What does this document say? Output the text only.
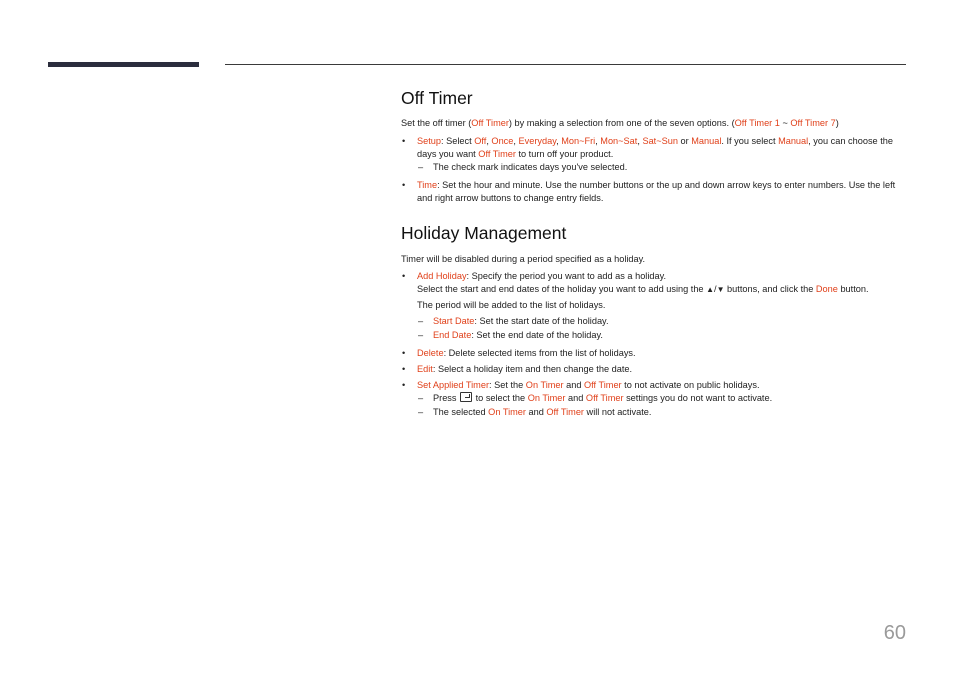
Off Timer

Set the off timer (Off Timer) by making a selection from one of the seven options. (Off Timer 1 ~ Off Timer 7)

• Setup: Select Off, Once, Everyday, Mon~Fri, Mon~Sat, Sat~Sun or Manual. If you select Manual, you can choose the days you want Off Timer to turn off your product.
– The check mark indicates days you've selected.
• Time: Set the hour and minute. Use the number buttons or the up and down arrow keys to enter numbers. Use the left and right arrow buttons to change entry fields.
Holiday Management

Timer will be disabled during a period specified as a holiday.

• Add Holiday: Specify the period you want to add as a holiday.
Select the start and end dates of the holiday you want to add using the ▲/▼ buttons, and click the Done button.

The period will be added to the list of holidays.

– Start Date: Set the start date of the holiday.
– End Date: Set the end date of the holiday.
• Delete: Delete selected items from the list of holidays.
• Edit: Select a holiday item and then change the date.
• Set Applied Timer: Set the On Timer and Off Timer to not activate on public holidays.
– Press  to select the On Timer and Off Timer settings you do not want to activate.
– The selected On Timer and Off Timer will not activate.
60
